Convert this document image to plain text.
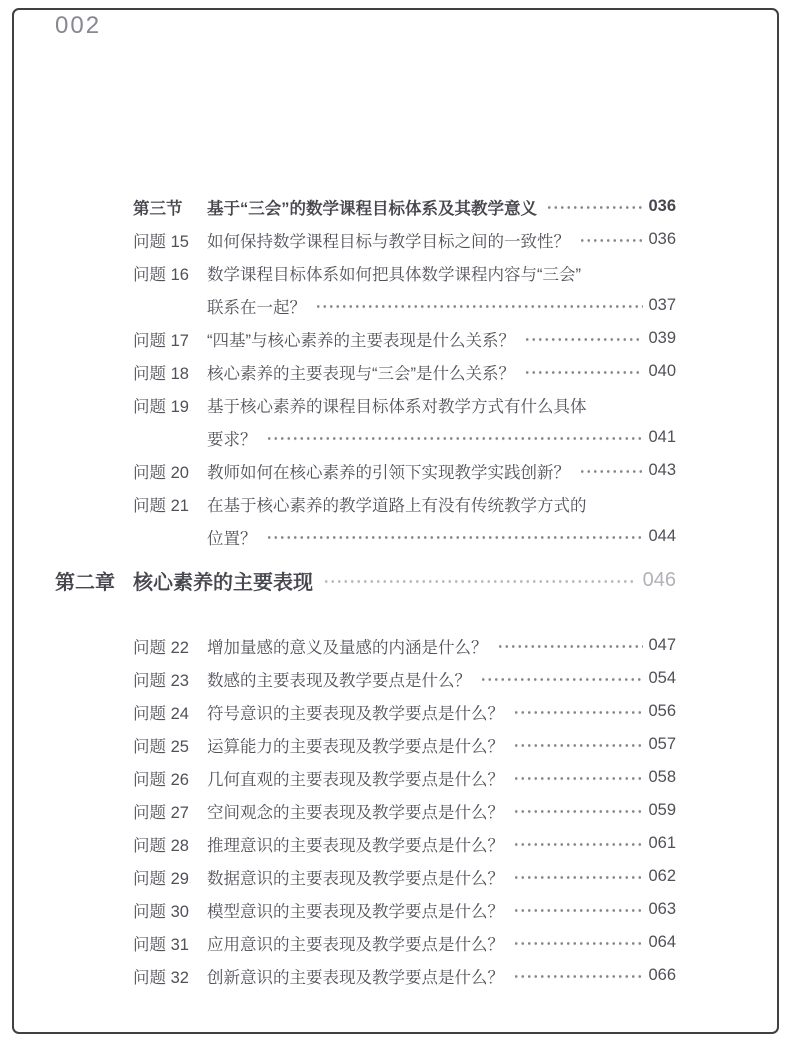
002
第三节	基于“三会”的数学课程目标体系及其教学意义	036
问题 15	如何保持数学课程目标与教学目标之间的一致性？	036
问题 16	数学课程目标体系如何把具体数学课程内容与“三会”
联系在一起？	037
问题 17	“四基”与核心素养的主要表现是什么关系？	039
问题 18	核心素养的主要表现与“三会”是什么关系？	040
问题 19	基于核心素养的课程目标体系对教学方式有什么具体
要求？	041
问题 20	教师如何在核心素养的引领下实现教学实践创新？	043
问题 21	在基于核心素养的教学道路上有没有传统教学方式的
位置？	044
第二章 核心素养的主要表现	046
问题 22	增加量感的意义及量感的内涵是什么？	047
问题 23	数感的主要表现及教学要点是什么？	054
问题 24	符号意识的主要表现及教学要点是什么？	056
问题 25	运算能力的主要表现及教学要点是什么？	057
问题 26	几何直观的主要表现及教学要点是什么？	058
问题 27	空间观念的主要表现及教学要点是什么？	059
问题 28	推理意识的主要表现及教学要点是什么？	061
问题 29	数据意识的主要表现及教学要点是什么？	062
问题 30	模型意识的主要表现及教学要点是什么？	063
问题 31	应用意识的主要表现及教学要点是什么？	064
问题 32	创新意识的主要表现及教学要点是什么？	066
